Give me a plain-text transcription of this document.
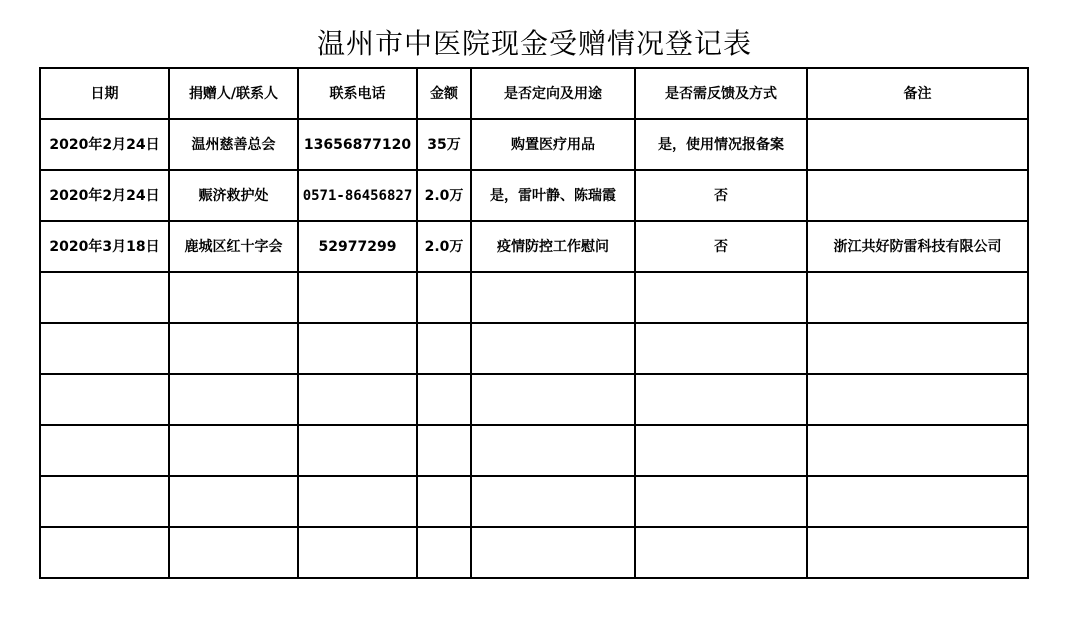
温州市中医院现金受赠情况登记表
日期	捐赠人/联系人	联系电话	金额	是否定向及用途	是否需反馈及方式	备注
2020年2月24日	温州慈善总会	13656877120	35万	购置医疗用品	是，使用情况报备案	
2020年2月24日	赈济救护处	0571-86456827	2.0万	是，雷叶静、陈瑞霞	否	
2020年3月18日	鹿城区红十字会	52977299	2.0万	疫情防控工作慰问	否	浙江共好防雷科技有限公司
